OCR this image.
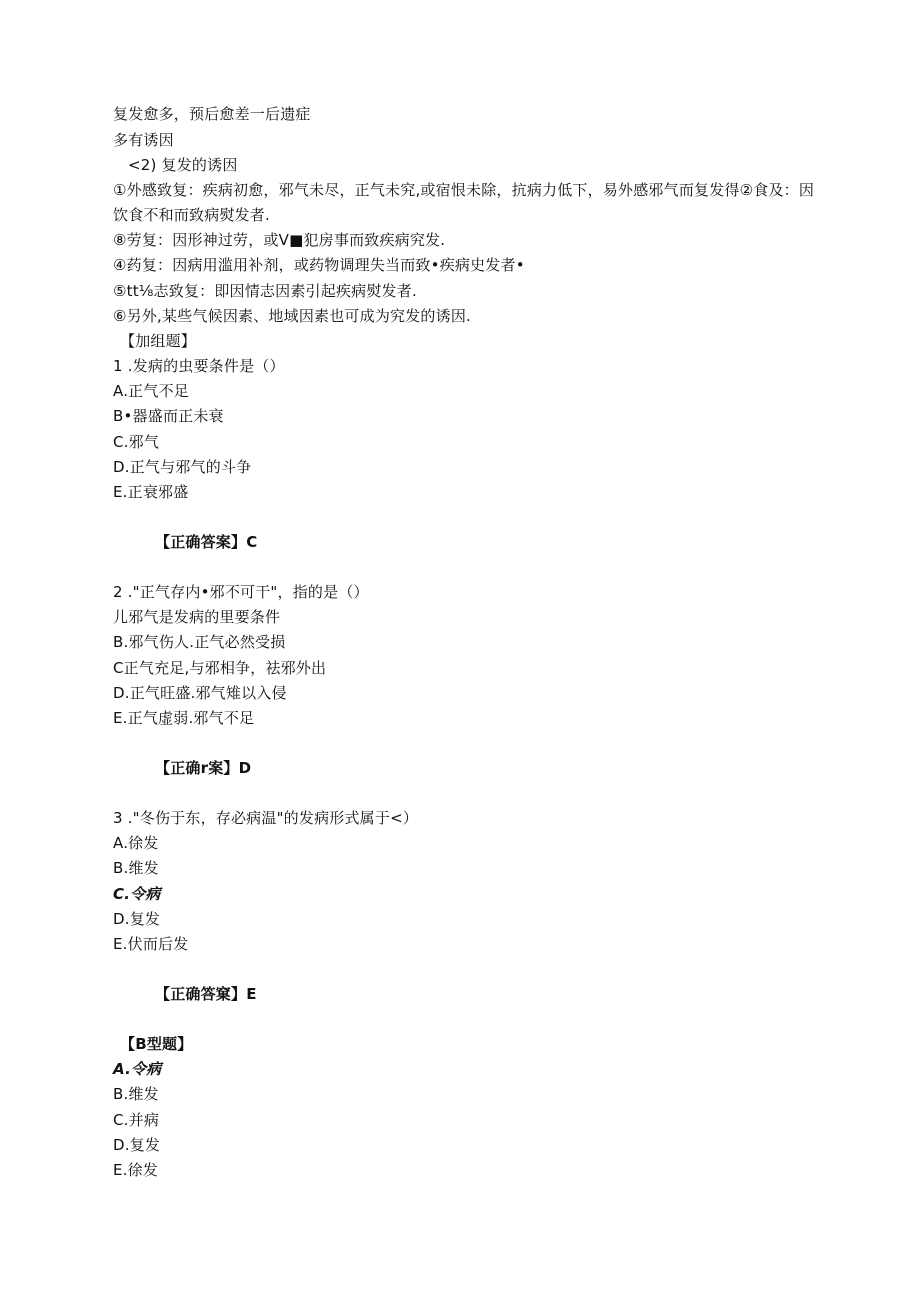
复发愈多，预后愈差一后遗症
多有诱因
<2) 复发的诱因
①外感致复：疾病初愈，邪气未尽，正气未究,或宿恨未除，抗病力低下，易外感邪气而复发得②食及：因
饮食不和而致病熨发者.
⑧劳复：因形神过劳，或V■犯房事而致疾病究发.
④药复：因病用滥用补剂，或药物调理失当而致•疾病史发者•
⑤tt⅛志致复：即因情志因素引起疾病熨发者.
⑥另外,某些气候因素、地域因素也可成为究发的诱因.
【加组题】
1 .发病的虫要条件是（）
A.正气不足
B•器盛而正未衰
C.邪气
D.正气与邪气的斗争
E.正衰邪盛
【正确答案】C
2 ."正气存内•邪不可干"，指的是（）
儿邪气是发病的里要条件
B.邪气伤人.正气必然受损
C正气充足,与邪相争，祛邪外出
D.正气旺盛.邪气雉以入侵
E.正气虚弱.邪气不足
【正确r案】D
3 ."冬伤于东，存必病温"的发病形式属于<）
A.徐发
B.维发
C.令病
D.复发
E.伏而后发
【正确答窠】E
【B型题】
A.令病
B.维发
C.并病
D.复发
E.徐发
